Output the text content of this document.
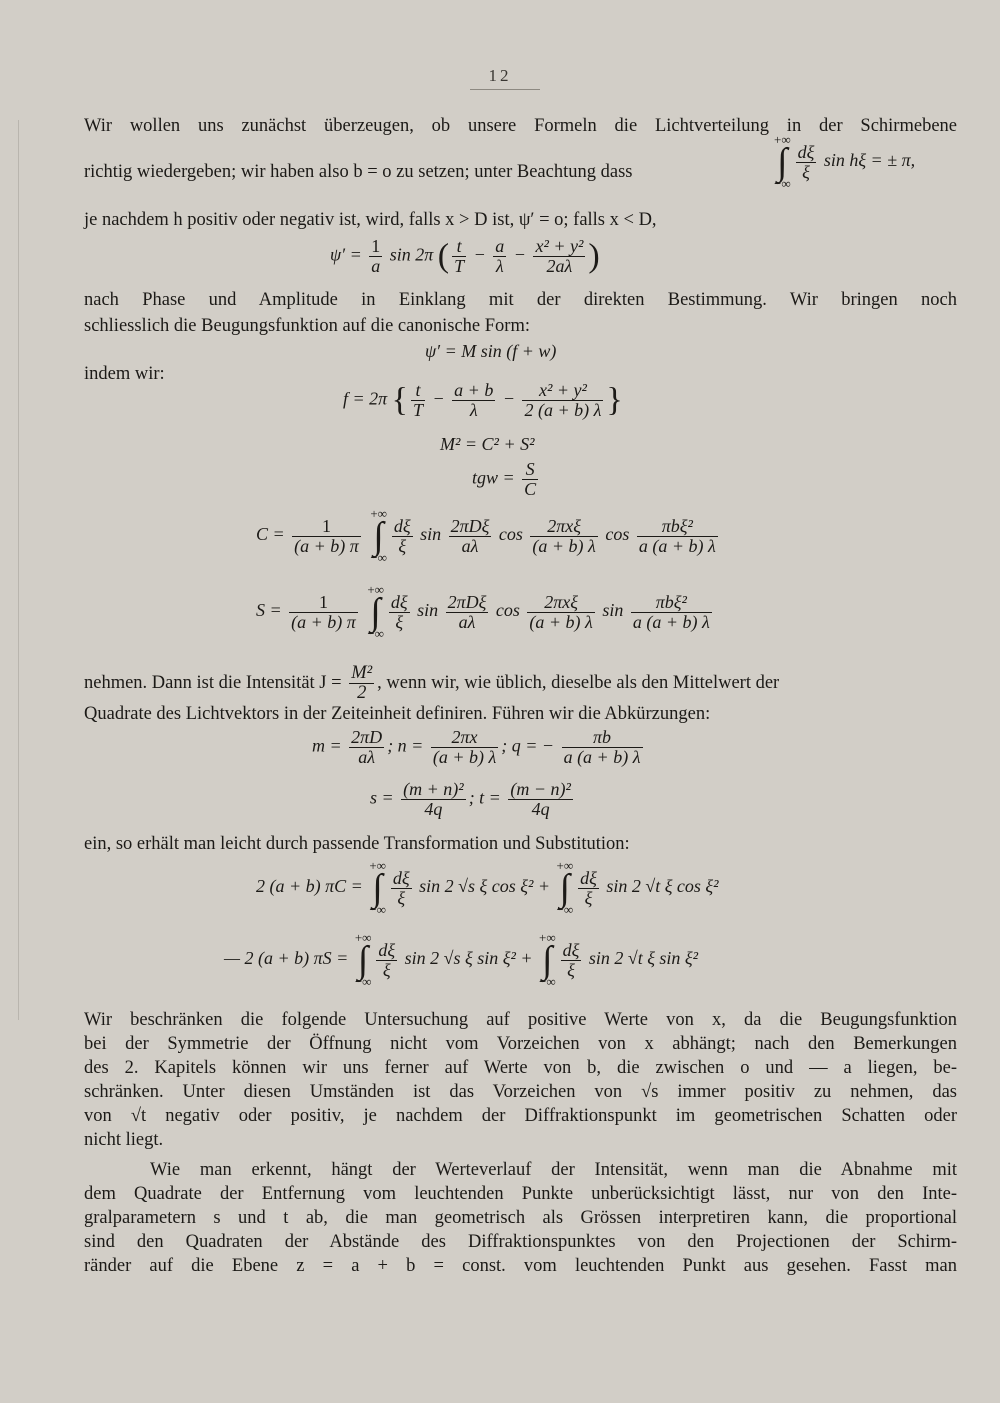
12
Wir wollen uns zunächst überzeugen, ob unsere Formeln die Lichtverteilung in der Schirmebene
richtig wiedergeben; wir haben also b = o zu setzen; unter Beachtung dass
+∞
∫
−∞
$\frac{d\xi}{\xi}$ sin hξ = ± π,
je nachdem h positiv oder negativ ist, wird, falls x > D ist, ψ′ = o; falls x < D,
$\psi' = \frac{1}{a}$ sin 2π ( $\frac{t}{T} - \frac{a}{\lambda} - \frac{\text{x² + y²}}{2a\lambda}$ )
nach Phase und Amplitude in Einklang mit der direkten Bestimmung. Wir bringen noch
schliesslich die Beugungsfunktion auf die canonische Form:
ψ′ = M sin (f + w)
indem wir:
f = 2π { $\frac{t}{T} - \frac{a + b}{\lambda} - \frac{\text{x² + y²}}{2 (a + b) \lambda}$ }
M² = C² + S²
tgw = $\frac{S}{C}$
$C = \frac{1}{(a + b) \pi}$
+∞
∫
−∞
$\frac{d\xi}{\xi}$ $\sin \frac{\text{2πDξ}}{a\lambda}$ $\cos \frac{\text{2πxξ}}{(a + b) \lambda}$ $\cos \frac{\text{πbξ²}}{a (a + b) \lambda}$
$S = \frac{1}{(a + b) \pi}$
+∞
∫
−∞
$\frac{d\xi}{\xi}$ $\sin \frac{\text{2πDξ}}{a\lambda}$ $\cos \frac{\text{2πxξ}}{(a + b) \lambda}$ $\sin \frac{\text{πbξ²}}{a (a + b) \lambda}$
nehmen. Dann ist die Intensität $J = \frac{\text{M²}}{2}$ , wenn wir, wie üblich, dieselbe als den Mittelwert der
Quadrate des Lichtvektors in der Zeiteinheit definiren. Führen wir die Abkürzungen:
$m = \frac{2\pi D}{a\lambda}$ ; $n = \frac{2\pi x}{(a + b) \lambda}$ ; q = − $\frac{\pi b}{a (a + b) \lambda}$
$s = \frac{\text{(m + n)²}}{4q}$ ; $t = \frac{\text{(m − n)²}}{4q}$
ein, so erhält man leicht durch passende Transformation und Substitution:
2 (a + b) πC = +∞
∫
−∞
$\frac{d\xi}{\xi}$ sin 2 √s ξ cos ξ² + +∞
∫
−∞
$\frac{d\xi}{\xi}$ sin 2 √t ξ cos ξ²
— 2 (a + b) πS = +∞
∫
−∞
$\frac{d\xi}{\xi}$ sin 2 √s ξ sin ξ² + +∞
∫
−∞
$\frac{d\xi}{\xi}$ sin 2 √t ξ sin ξ²
Wir beschränken die folgende Untersuchung auf positive Werte von x, da die Beugungsfunktion
bei der Symmetrie der Öffnung nicht vom Vorzeichen von x abhängt; nach den Bemerkungen
des 2. Kapitels können wir uns ferner auf Werte von b, die zwischen o und — a liegen, be-
schränken. Unter diesen Umständen ist das Vorzeichen von √s immer positiv zu nehmen, das
von √t negativ oder positiv, je nachdem der Diffraktionspunkt im geometrischen Schatten oder
nicht liegt.
Wie man erkennt, hängt der Werteverlauf der Intensität, wenn man die Abnahme mit
dem Quadrate der Entfernung vom leuchtenden Punkte unberücksichtigt lässt, nur von den Inte-
gralparametern s und t ab, die man geometrisch als Grössen interpretiren kann, die proportional
sind den Quadraten der Abstände des Diffraktionspunktes von den Projectionen der Schirm-
ränder auf die Ebene z = a + b = const. vom leuchtenden Punkt aus gesehen. Fasst man
